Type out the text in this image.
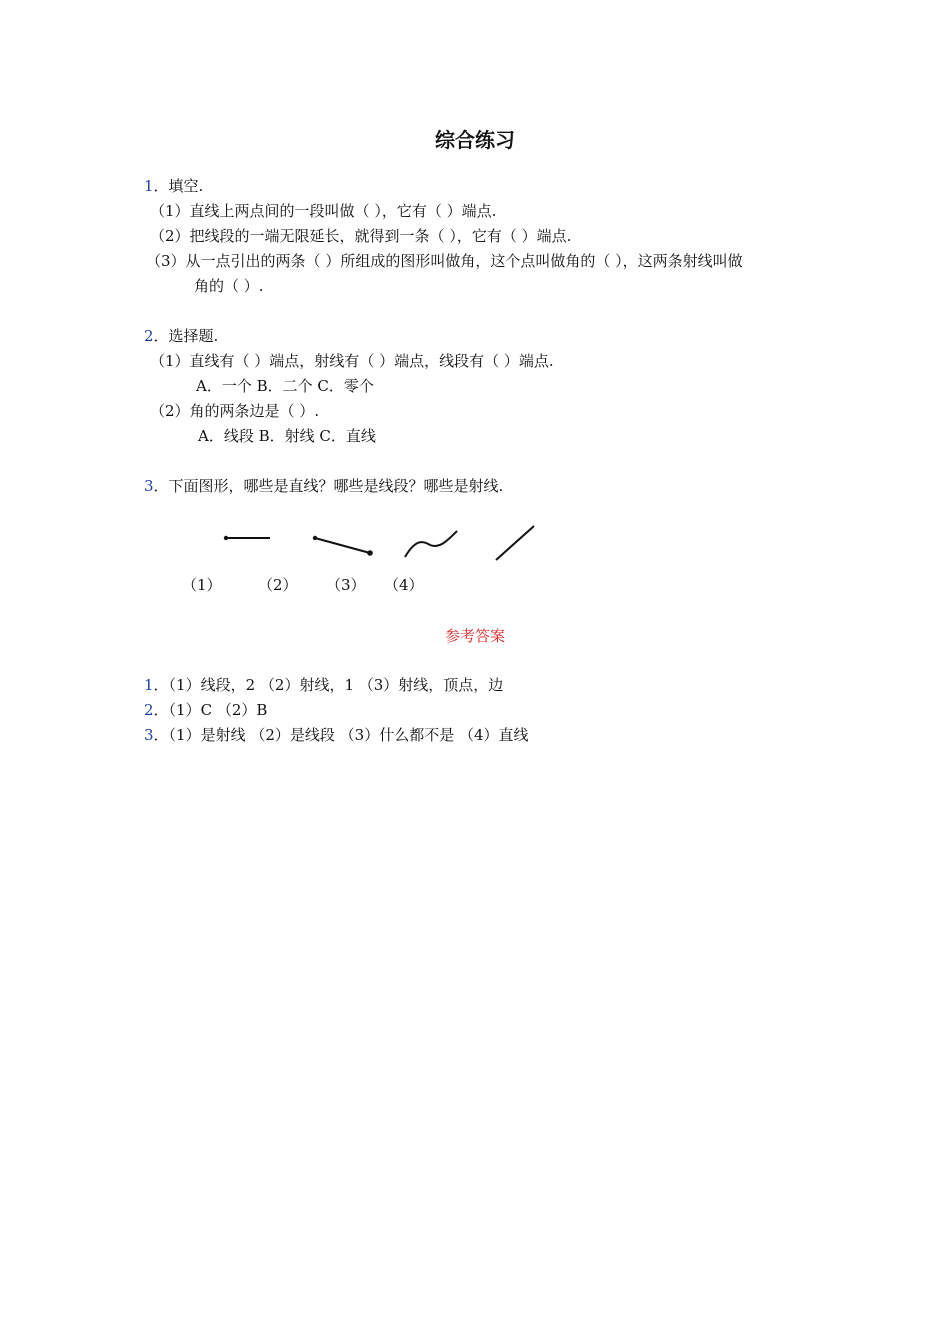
综合练习
1．填空.
（1）直线上两点间的一段叫做（ ），它有（ ）端点.
（2）把线段的一端无限延长，就得到一条（ ），它有（ ）端点.
（3）从一点引出的两条（ ）所组成的图形叫做角，这个点叫做角的（ ），这两条射线叫做
角的（ ）.
2．选择题.
（1）直线有（ ）端点，射线有（ ）端点，线段有（ ）端点.
A．一个 B．二个 C．零个
（2）角的两条边是（ ）.
A．线段 B．射线 C．直线
3．下面图形，哪些是直线？哪些是线段？哪些是射线.
（1） （2） （3） （4）
参考答案
1．（1）线段，2 （2）射线，1 （3）射线，顶点，边
2．（1）C （2）B
3．（1）是射线 （2）是线段 （3）什么都不是 （4）直线
